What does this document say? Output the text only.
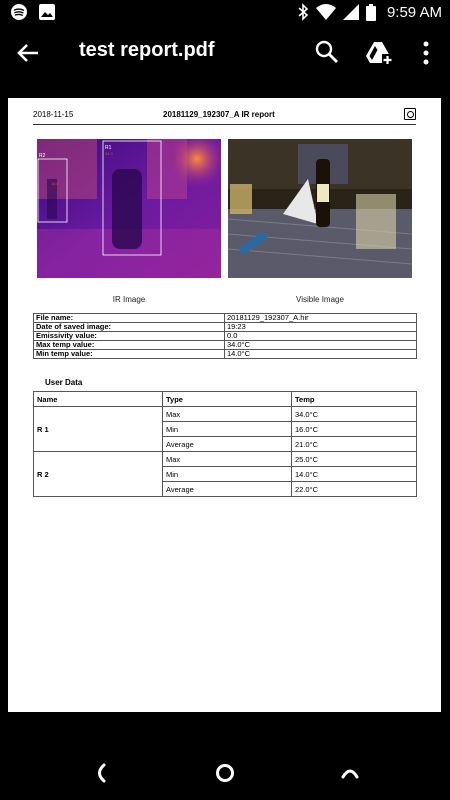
9:59 AM
test report.pdf
2018-11-15	20181129_192307_A IR report
R2
R1
34.0
16.0
IR Image	Visible Image
File name:	20181129_192307_A.hir
Date of saved image:	19:23
Emissivity value:	0.0
Max temp value:	34.0°C
Min temp value:	14.0°C
User Data
Name	Type	Temp
R 1	Max	34.0°C
	Min	16.0°C
	Average	21.0°C
R 2	Max	25.0°C
	Min	14.0°C
	Average	22.0°C
